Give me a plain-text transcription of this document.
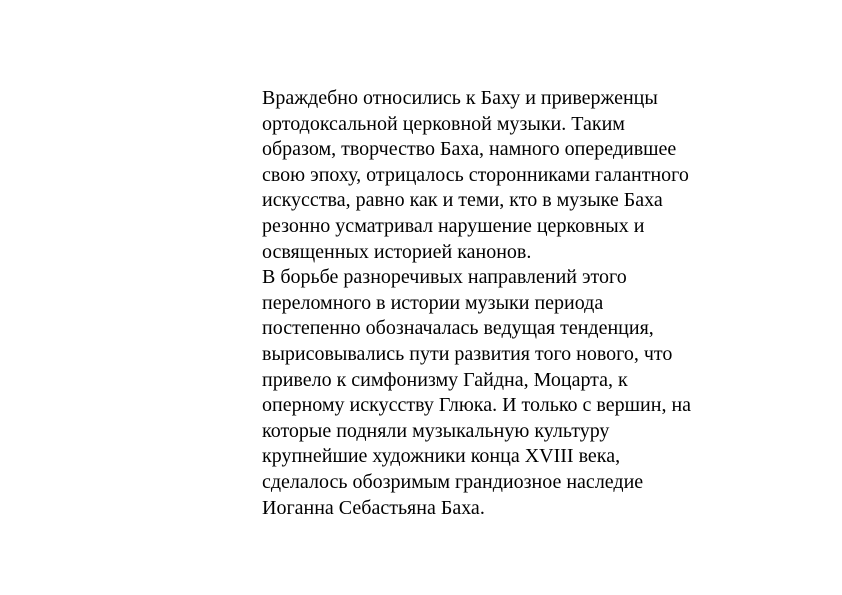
Враждебно относились к Баху и приверженцы
ортодоксальной церковной музыки. Таким
образом, творчество Баха, намного опередившее
свою эпоху, отрицалось сторонниками галантного
искусства, равно как и теми, кто в музыке Баха
резонно усматривал нарушение церковных и
освященных историей канонов.
В борьбе разноречивых направлений этого
переломного в истории музыки периода
постепенно обозначалась ведущая тенденция,
вырисовывались пути развития того нового, что
привело к симфонизму Гайдна, Моцарта, к
оперному искусству Глюка. И только с вершин, на
которые подняли музыкальную культуру
крупнейшие художники конца XVIII века,
сделалось обозримым грандиозное наследие
Иоганна Себастьяна Баха.
